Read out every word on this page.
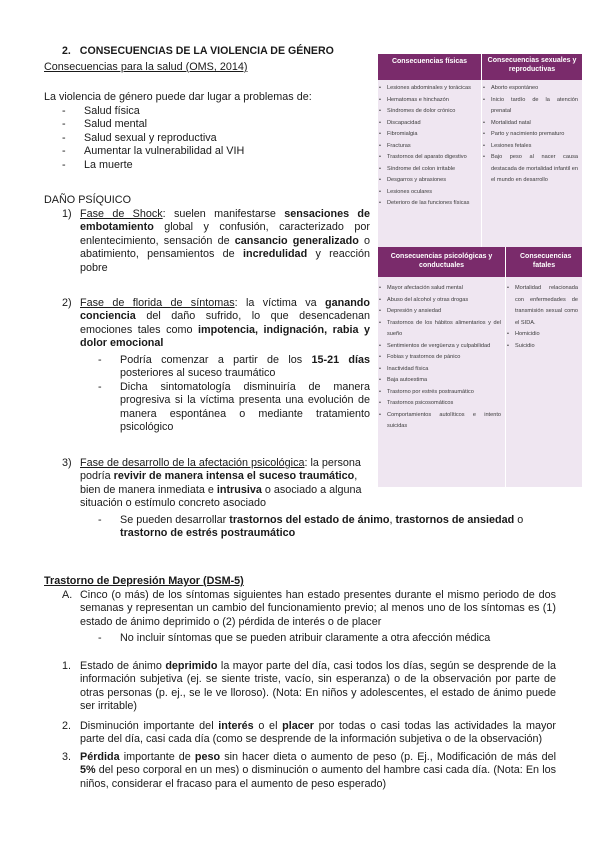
2. CONSECUENCIAS DE LA VIOLENCIA DE GÉNERO
Consecuencias para la salud (OMS, 2014)
La violencia de género puede dar lugar a problemas de:
- Salud física
- Salud mental
- Salud sexual y reproductiva
- Aumentar la vulnerabilidad al VIH
- La muerte
DAÑO PSÍQUICO
1) Fase de Shock: suelen manifestarse sensaciones de embotamiento global y confusión, caracterizado por enlentecimiento, sensación de cansancio generalizado o abatimiento, pensamientos de incredulidad y reacción pobre
2) Fase de florida de síntomas: la víctima va ganando conciencia del daño sufrido, lo que desencadenan emociones tales como impotencia, indignación, rabia y dolor emocional
- Podría comenzar a partir de los 15-21 días posteriores al suceso traumático
- Dicha sintomatología disminuiría de manera progresiva si la víctima presenta una evolución de manera espontánea o mediante tratamiento psicológico
3) Fase de desarrollo de la afectación psicológica: la persona podría revivir de manera intensa el suceso traumático, bien de manera inmediata e intrusiva o asociado a alguna situación o estímulo concreto asociado
- Se pueden desarrollar trastornos del estado de ánimo, trastornos de ansiedad o trastorno de estrés postraumático
Consecuencias físicas	Consecuencias sexuales y reproductivas
• Lesiones abdominales y torácicas
• Hematomas e hinchazón
• Síndromes de dolor crónico
• Discapacidad
• Fibromialgia
• Fracturas
• Trastornos del aparato digestivo
• Síndrome del colon irritable
• Desgarros y abrasiones
• Lesiones oculares
• Deterioro de las funciones físicas
• Aborto espontáneo
• Inicio tardío de la atención prenatal
• Mortalidad natal
• Parto y nacimiento prematuro
• Lesiones fetales
• Bajo peso al nacer causa destacada de mortalidad infantil en el mundo en desarrollo
Consecuencias psicológicas y conductuales
Consecuencias fatales
• Mayor afectación salud mental
• Abuso del alcohol y otras drogas
• Depresión y ansiedad
• Trastornos de los hábitos alimentarios y del sueño
• Sentimientos de vergüenza y culpabilidad
• Fobias y trastornos de pánico
• Inactividad física
• Baja autoestima
• Trastorno por estrés postraumático
• Trastornos psicosomáticos
• Comportamientos autolíticos e intento suicidas
• Mortalidad relacionada con enfermedades de transmisión sexual como el SIDA.
• Homicidio
• Suicidio
Trastorno de Depresión Mayor (DSM-5)
A. Cinco (o más) de los síntomas siguientes han estado presentes durante el mismo periodo de dos semanas y representan un cambio del funcionamiento previo; al menos uno de los síntomas es (1) estado de ánimo deprimido o (2) pérdida de interés o de placer
- No incluir síntomas que se pueden atribuir claramente a otra afección médica
1. Estado de ánimo deprimido la mayor parte del día, casi todos los días, según se desprende de la información subjetiva (ej. se siente triste, vacío, sin esperanza) o de la observación por parte de otras personas (p. ej., se le ve lloroso). (Nota: En niños y adolescentes, el estado de ánimo puede ser irritable)
2. Disminución importante del interés o el placer por todas o casi todas las actividades la mayor parte del día, casi cada día (como se desprende de la información subjetiva o de la observación)
3. Pérdida importante de peso sin hacer dieta o aumento de peso (p. Ej., Modificación de más del 5% del peso corporal en un mes) o disminución o aumento del hambre casi cada día. (Nota: En los niños, considerar el fracaso para el aumento de peso esperado)
